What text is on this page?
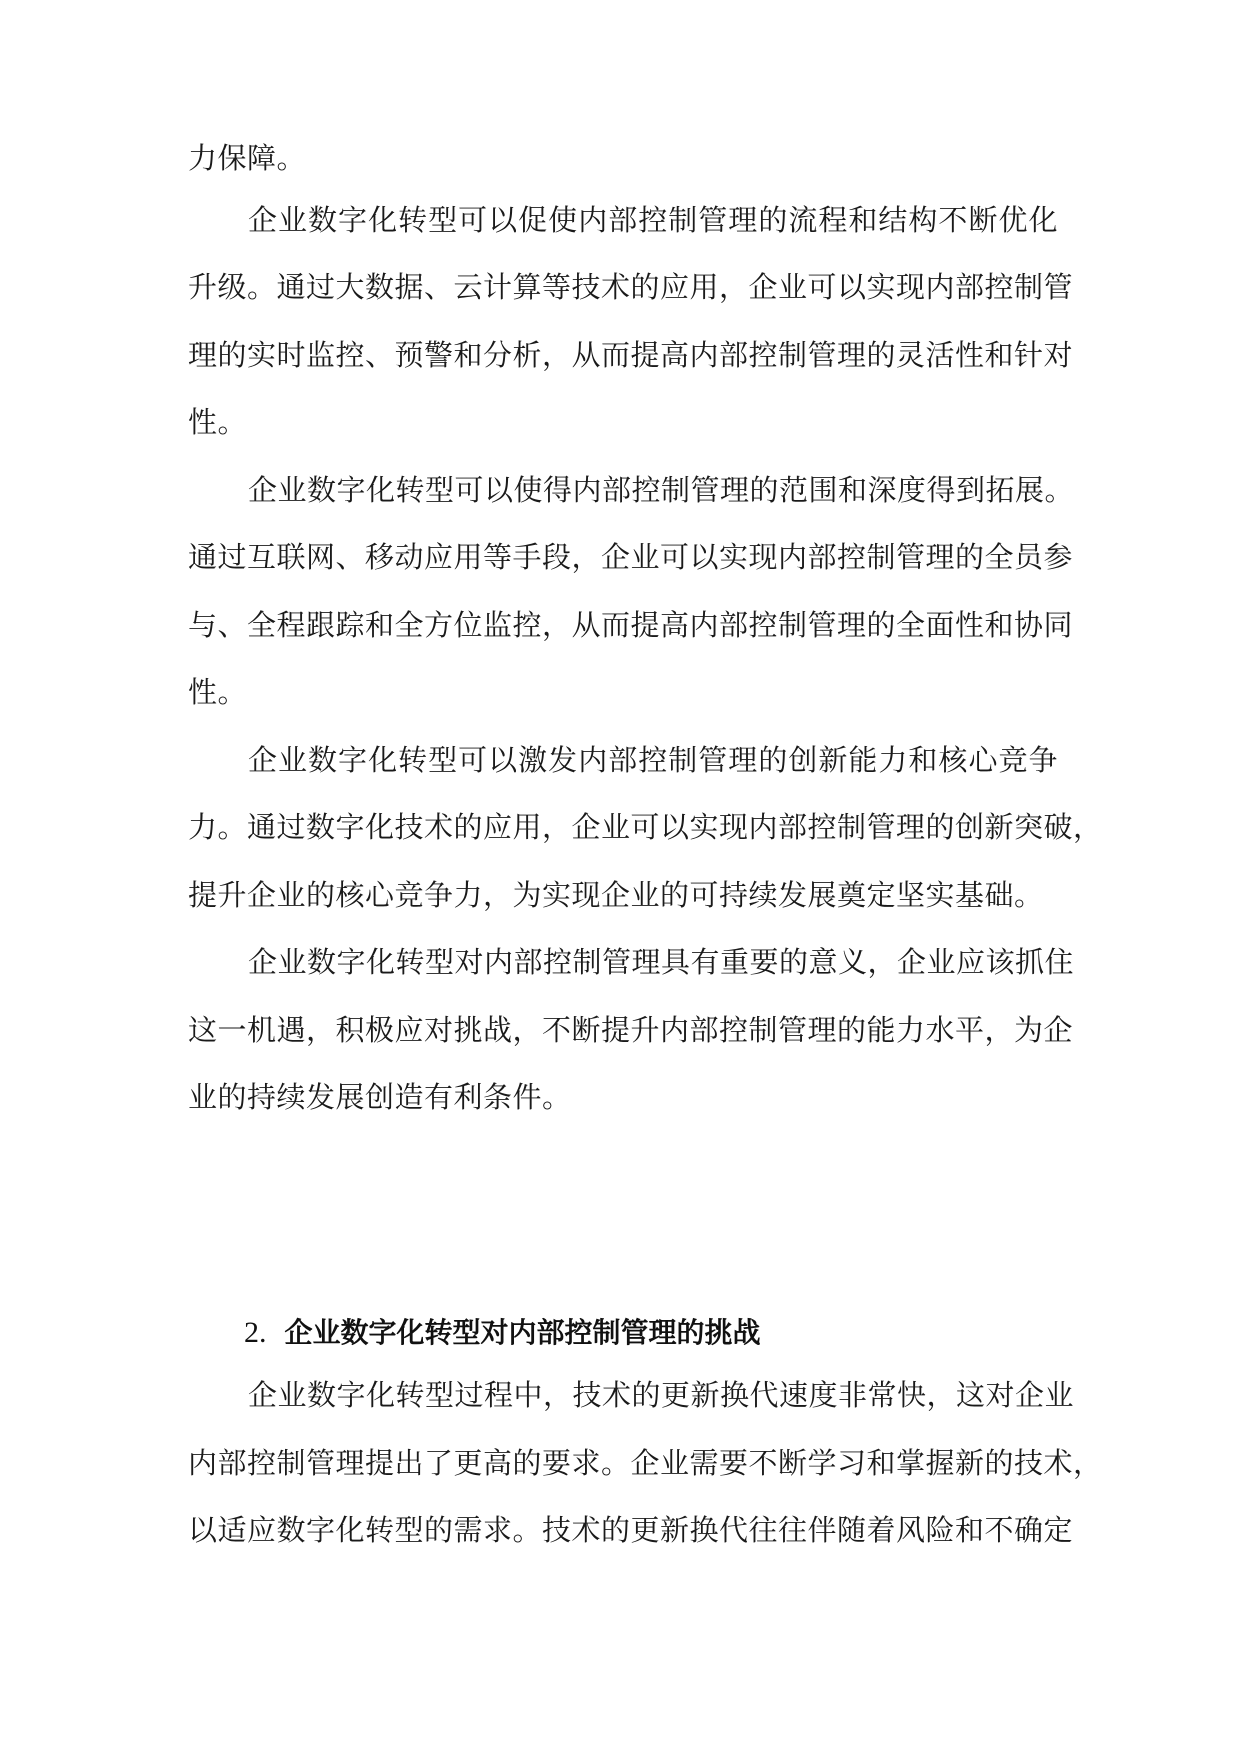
力保障。
企业数字化转型可以促使内部控制管理的流程和结构不断优化
升级。通过大数据、云计算等技术的应用，企业可以实现内部控制管
理的实时监控、预警和分析，从而提高内部控制管理的灵活性和针对
性。
企业数字化转型可以使得内部控制管理的范围和深度得到拓展。
通过互联网、移动应用等手段，企业可以实现内部控制管理的全员参
与、全程跟踪和全方位监控，从而提高内部控制管理的全面性和协同
性。
企业数字化转型可以激发内部控制管理的创新能力和核心竞争
力。通过数字化技术的应用，企业可以实现内部控制管理的创新突破，
提升企业的核心竞争力，为实现企业的可持续发展奠定坚实基础。
企业数字化转型对内部控制管理具有重要的意义，企业应该抓住
这一机遇，积极应对挑战，不断提升内部控制管理的能力水平，为企
业的持续发展创造有利条件。
2. 企业数字化转型对内部控制管理的挑战
企业数字化转型过程中，技术的更新换代速度非常快，这对企业
内部控制管理提出了更高的要求。企业需要不断学习和掌握新的技术，
以适应数字化转型的需求。技术的更新换代往往伴随着风险和不确定
